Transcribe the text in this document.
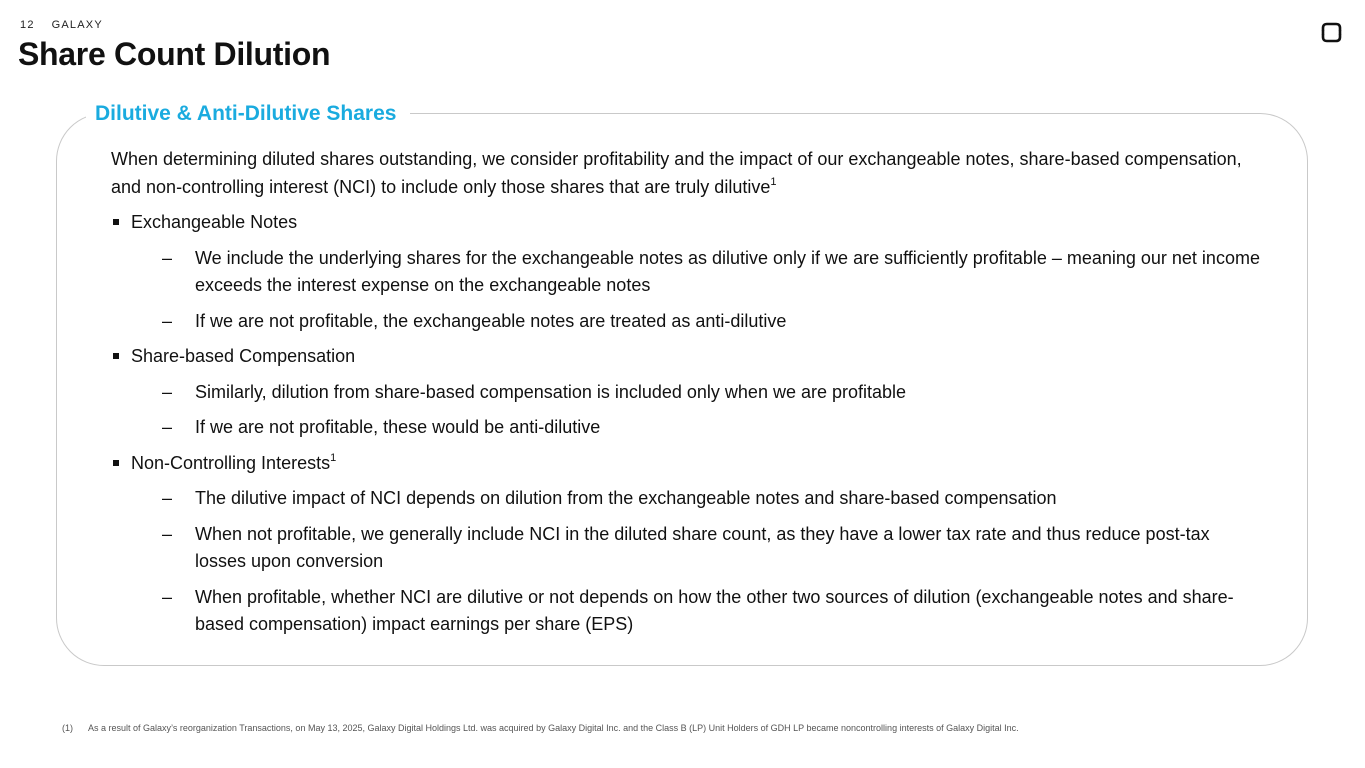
12 GALAXY
Share Count Dilution
Dilutive & Anti-Dilutive Shares

When determining diluted shares outstanding, we consider profitability and the impact of our exchangeable notes, share-based compensation, and non-controlling interest (NCI) to include only those shares that are truly dilutive$^1$

Exchangeable Notes
– We include the underlying shares for the exchangeable notes as dilutive only if we are sufficiently profitable – meaning our net income exceeds the interest expense on the exchangeable notes
– If we are not profitable, the exchangeable notes are treated as anti-dilutive
Share-based Compensation
– Similarly, dilution from share-based compensation is included only when we are profitable
– If we are not profitable, these would be anti-dilutive
Non-Controlling Interests$^1$
– The dilutive impact of NCI depends on dilution from the exchangeable notes and share-based compensation
– When not profitable, we generally include NCI in the diluted share count, as they have a lower tax rate and thus reduce post-tax losses upon conversion
– When profitable, whether NCI are dilutive or not depends on how the other two sources of dilution (exchangeable notes and share-based compensation) impact earnings per share (EPS)
(1) As a result of Galaxy’s reorganization Transactions, on May 13, 2025, Galaxy Digital Holdings Ltd. was acquired by Galaxy Digital Inc. and the Class B (LP) Unit Holders of GDH LP became noncontrolling interests of Galaxy Digital Inc.
